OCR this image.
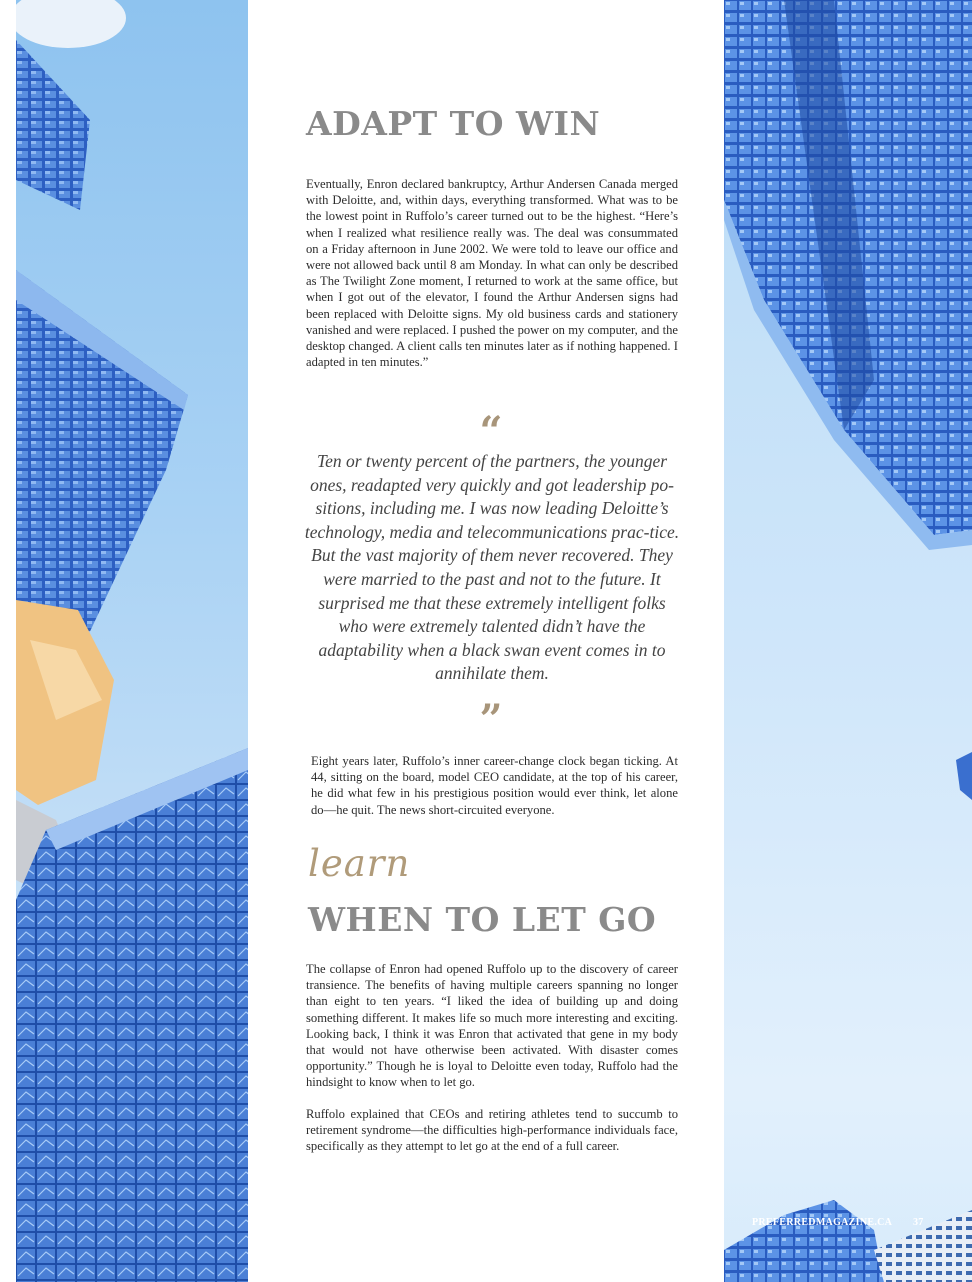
ADAPT TO WIN

Eventually, Enron declared bankruptcy, Arthur Andersen Canada merged with Deloitte, and, within days, everything transformed. What was to be the lowest point in Ruffolo’s career turned out to be the highest. “Here’s when I realized what resilience really was. The deal was consummated on a Friday afternoon in June 2002. We were told to leave our office and were not allowed back until 8 am Monday. In what can only be described as The Twilight Zone moment, I returned to work at the same office, but when I got out of the elevator, I found the Arthur Andersen signs had been replaced with Deloitte signs. My old business cards and stationery vanished and were replaced. I pushed the power on my computer, and the desktop changed. A client calls ten minutes later as if nothing happened. I adapted in ten minutes.”

“

Ten or twenty percent of the partners, the younger ones, readapted very quickly and got leadership po-sitions, including me. I was now leading Deloitte’s technology, media and telecommunications prac-tice. But the vast majority of them never recovered. They were married to the past and not to the future. It surprised me that these extremely intelligent folks who were extremely talented didn’t have the adaptability when a black swan event comes in to annihilate them.

”

Eight years later, Ruffolo’s inner career-change clock began ticking. At 44, sitting on the board, model CEO candidate, at the top of his career, he did what few in his prestigious position would ever think, let alone do—he quit. The news short-circuited everyone.

learn
WHEN TO LET GO

The collapse of Enron had opened Ruffolo up to the discovery of career transience. The benefits of having multiple careers spanning no longer than eight to ten years. “I liked the idea of building up and doing something different. It makes life so much more interesting and exciting. Looking back, I think it was Enron that activated that gene in my body that would not have otherwise been activated. With disaster comes opportunity.” Though he is loyal to Deloitte even today, Ruffolo had the hindsight to know when to let go.

Ruffolo explained that CEOs and retiring athletes tend to succumb to retirement syndrome—the difficulties high-performance individuals face, specifically as they attempt to let go at the end of a full career.

PREFERREDMAGAZINE.CA 37
